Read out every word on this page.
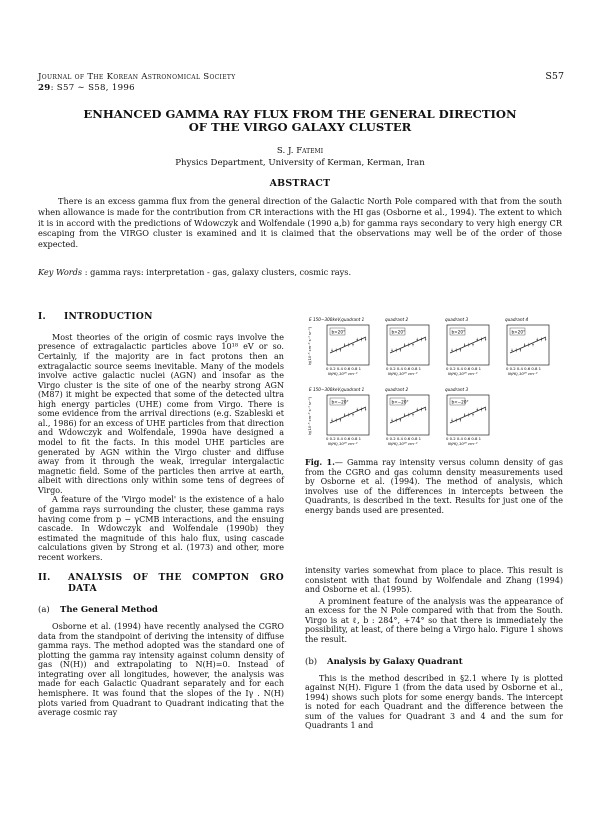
Journal of The Korean Astronomical Society
29: S57 ∼ S58, 1996
S57
ENHANCED GAMMA RAY FLUX FROM THE GENERAL DIRECTION
OF THE VIRGO GALAXY CLUSTER
S. J. Fatemi
Physics Department, University of Kerman, Kerman, Iran
ABSTRACT
There is an excess gamma flux from the general direction of the Galactic North Pole compared with that from the south when allowance is made for the contribution from CR interactions with the HI gas (Osborne et al., 1994). The extent to which it is in accord with the predictions of Wdowczyk and Wolfendale (1990 a,b) for gamma rays secondary to very high energy CR escaping from the VIRGO cluster is examined and it is claimed that the observations may well be of the order of those expected.
Key Words : gamma rays: interpretation - gas, galaxy clusters, cosmic rays.
I. INTRODUCTION

Most theories of the origin of cosmic rays involve the presence of extragalactic particles above 10¹⁸ eV or so. Certainly, if the majority are in fact protons then an extragalactic source seems inevitable. Many of the models involve active galactic nuclei (AGN) and insofar as the Virgo cluster is the site of one of the nearby strong AGN (M87) it might be expected that some of the detected ultra high energy particles (UHE) come from Virgo. There is some evidence from the arrival directions (e.g. Szableski et al., 1986) for an excess of UHE particles from that direction and Wdowczyk and Wolfendale, 1990a have designed a model to fit the facts. In this model UHE particles are generated by AGN within the Virgo cluster and diffuse away from it through the weak, irregular intergalactic magnetic field. Some of the particles then arrive at earth, albeit with directions only within some tens of degrees of Virgo.

A feature of the 'Virgo model' is the existence of a halo of gamma rays surrounding the cluster, these gamma rays having come from p − γCMB interactions, and the ensuing cascade. In Wdowczyk and Wolfendale (1990b) they estimated the magnitude of this halo flux, using cascade calculations given by Strong et al. (1973) and other, more recent workers.

II.	ANALYSIS OF THE COMPTON GRO DATA
(a) The General Method

Osborne et al. (1994) have recently analysed the CGRO data from the standpoint of deriving the intensity of diffuse gamma rays. The method adopted was the standard one of plotting the gamma ray intensity against column density of gas (N(H)) and extrapolating to N(H)=0. Instead of integrating over all longitudes, however, the analysis was made for each Galactic Quadrant separately and for each hemisphere. It was found that the slopes of the Iγ . N(H) plots varied from Quadrant to Quadrant indicating that the average cosmic ray

E 150−300keV,quadrant 1
b>20°
0 0.2 0.4 0.6 0.8 1
N(HI),10²⁰ cm⁻²
quadrant 2
b>20°
0 0.2 0.4 0.6 0.8 1
N(HI),10²⁰ cm⁻²
quadrant 3
b>20°
0 0.2 0.4 0.6 0.8 1
N(HI),10²⁰ cm⁻²
quadrant 4
b>20°
0 0.2 0.4 0.6 0.8 1
N(HI),10²⁰ cm⁻²
Iγ(10⁻⁵ cm⁻² s⁻¹ sr⁻¹)
E 150−300keV,quadrant 1
b<−20°
0 0.2 0.4 0.6 0.8 1
N(HI),10²⁰ cm⁻²
quadrant 2
b<−20°
0 0.2 0.4 0.6 0.8 1
N(HI),10²⁰ cm⁻²
quadrant 3
b<−20°
0 0.2 0.4 0.6 0.8 1
N(HI),10²⁰ cm⁻²
Iγ(10⁻⁵ cm⁻² s⁻¹ sr⁻¹)
Fig. 1.— Gamma ray intensity versus column density of gas from the CGRO and gas column density measurements used by Osborne et al. (1994). The method of analysis, which involves use of the differences in intercepts between the Quadrants, is described in the text. Results for just one of the energy bands used are presented.

intensity varies somewhat from place to place. This result is consistent with that found by Wolfendale and Zhang (1994) and Osborne et al. (1995).

A prominent feature of the analysis was the appearance of an excess for the N Pole compared with that from the South. Virgo is at ℓ, b : 284°, +74° so that there is immediately the possibility, at least, of there being a Virgo halo. Figure 1 shows the result.

(b) Analysis by Galaxy Quadrant

This is the method described in §2.1 where Iγ is plotted against N(H). Figure 1 (from the data used by Osborne et al., 1994) shows such plots for some energy bands. The intercept is noted for each Quadrant and the difference between the sum of the values for Quadrant 3 and 4 and the sum for Quadrants 1 and
